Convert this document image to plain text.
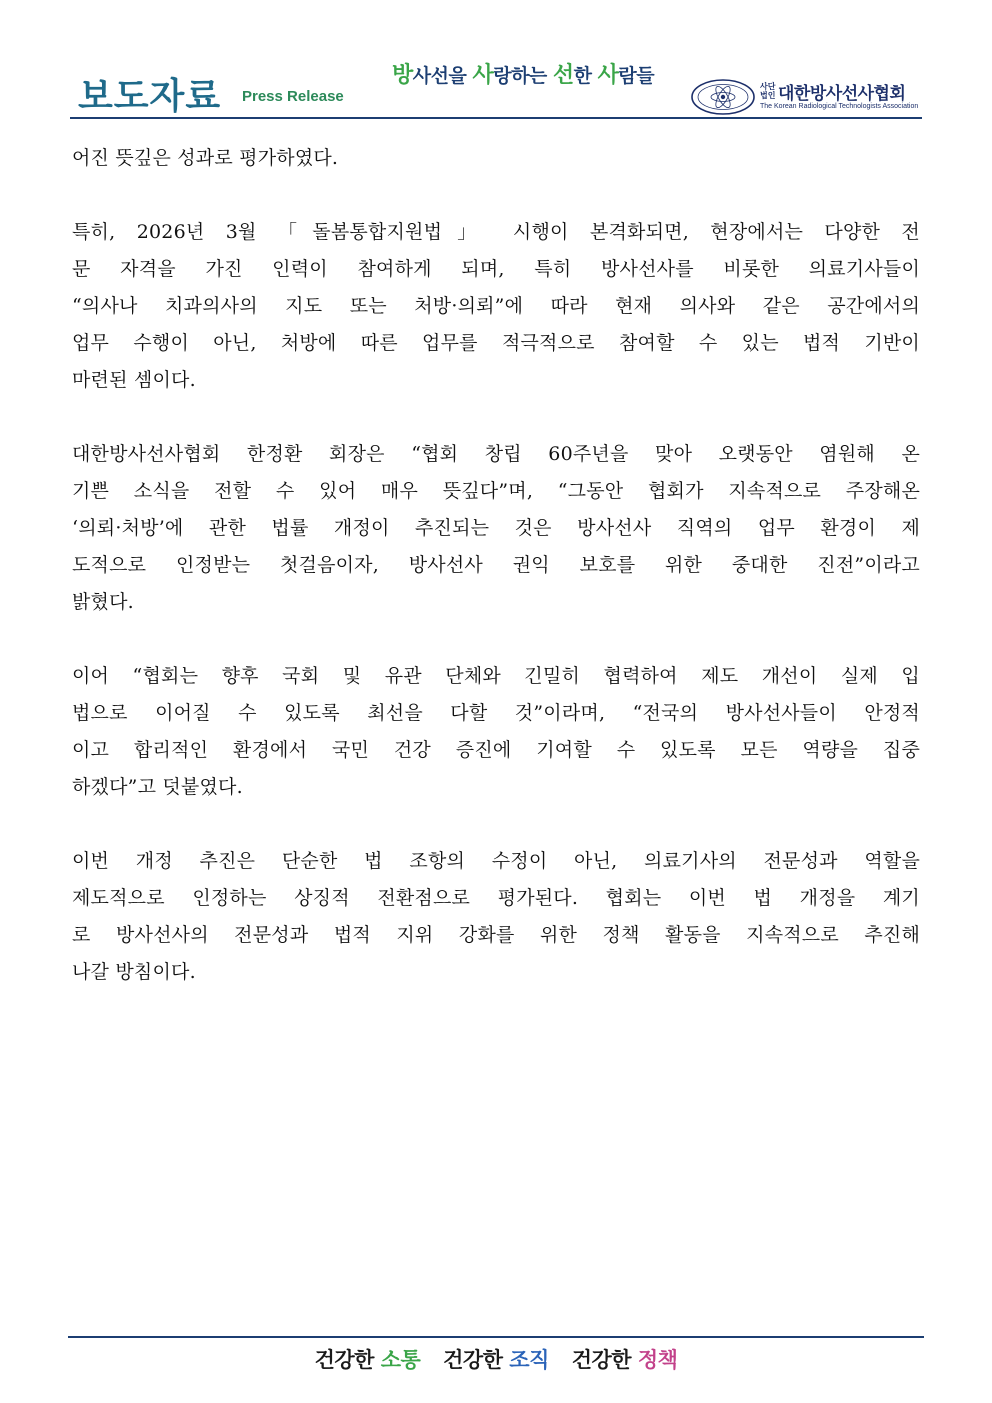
보도자료 Press Release
방사선을 사랑하는 선한 사람들	사단법인 대한방사선사협회
The Korean Radiological Technologists Association

어진 뜻깊은 성과로 평가하였다.

특히, 2026년 3월 「돌봄통합지원법」 시행이 본격화되면, 현장에서는 다양한 전
문 자격을 가진 인력이 참여하게 되며, 특히 방사선사를 비롯한 의료기사들이
“의사나 치과의사의 지도 또는 처방·의뢰”에 따라 현재 의사와 같은 공간에서의
업무 수행이 아닌, 처방에 따른 업무를 적극적으로 참여할 수 있는 법적 기반이
마련된 셈이다.

대한방사선사협회 한정환 회장은 “협회 창립 60주년을 맞아 오랫동안 염원해 온
기쁜 소식을 전할 수 있어 매우 뜻깊다”며, “그동안 협회가 지속적으로 주장해온
‘의뢰·처방’에 관한 법률 개정이 추진되는 것은 방사선사 직역의 업무 환경이 제
도적으로 인정받는 첫걸음이자, 방사선사 권익 보호를 위한 중대한 진전”이라고
밝혔다.

이어 “협회는 향후 국회 및 유관 단체와 긴밀히 협력하여 제도 개선이 실제 입
법으로 이어질 수 있도록 최선을 다할 것”이라며, “전국의 방사선사들이 안정적
이고 합리적인 환경에서 국민 건강 증진에 기여할 수 있도록 모든 역량을 집중
하겠다”고 덧붙였다.

이번 개정 추진은 단순한 법 조항의 수정이 아닌, 의료기사의 전문성과 역할을
제도적으로 인정하는 상징적 전환점으로 평가된다. 협회는 이번 법 개정을 계기
로 방사선사의 전문성과 법적 지위 강화를 위한 정책 활동을 지속적으로 추진해
나갈 방침이다.

건강한 소통 건강한 조직 건강한 정책
